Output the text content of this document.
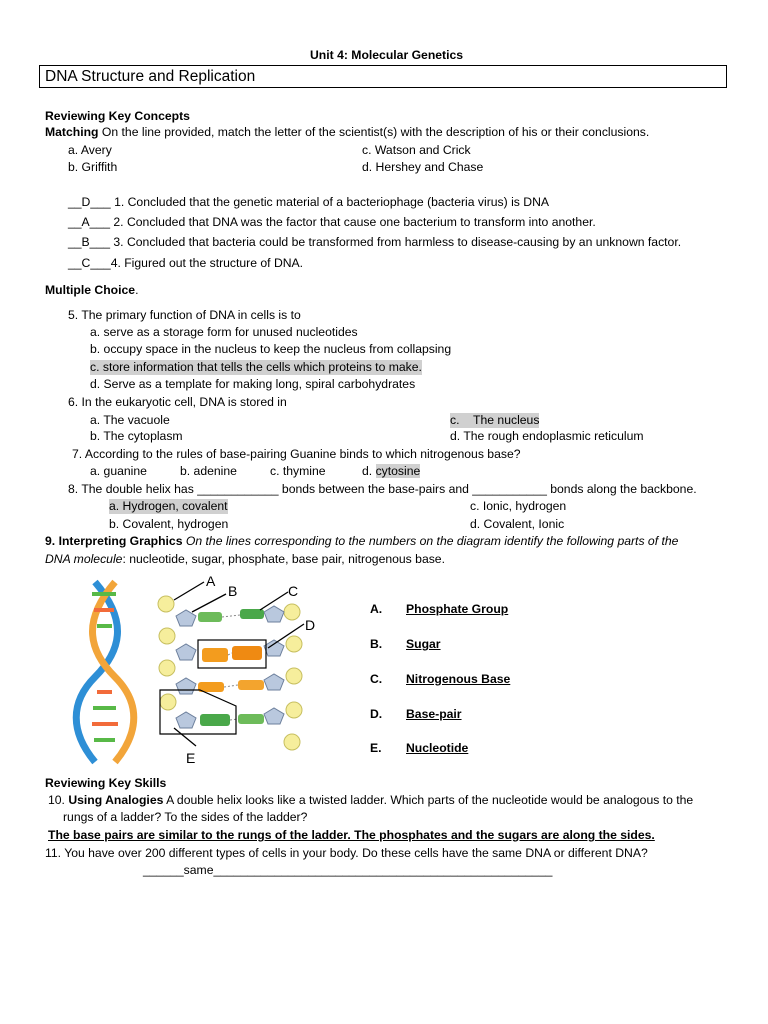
Unit 4: Molecular Genetics
DNA Structure and Replication
Reviewing Key Concepts
Matching On the line provided, match the letter of the scientist(s) with the description of his or their conclusions.
a. Avery
b. Griffith
c. Watson and Crick
d. Hershey and Chase
__D___ 1. Concluded that the genetic material of a bacteriophage (bacteria virus) is DNA
__A___ 2. Concluded that DNA was the factor that cause one bacterium to transform into another.
__B___ 3. Concluded that bacteria could be transformed from harmless to disease-causing by an unknown factor.
__C___4. Figured out the structure of DNA.
Multiple Choice.
5. The primary function of DNA in cells is to
a. serve as a storage form for unused nucleotides
b. occupy space in the nucleus to keep the nucleus from collapsing
c. store information that tells the cells which proteins to make.
d. Serve as a template for making long, spiral carbohydrates
6. In the eukaryotic cell, DNA is stored in
a. The vacuole
b. The cytoplasm
c. The nucleus
d. The rough endoplasmic reticulum
7. According to the rules of base-pairing Guanine binds to which nitrogenous base?
a. guanine	b. adenine	c. thymine	d. cytosine
8. The double helix has ____________ bonds between the base-pairs and ___________ bonds along the backbone.
a. Hydrogen, covalent
b. Covalent, hydrogen
c. Ionic, hydrogen
d. Covalent, Ionic
9. Interpreting Graphics On the lines corresponding to the numbers on the diagram identify the following parts of the
DNA molecule: nucleotide, sugar, phosphate, base pair, nitrogenous base.
A
B	C
D
E
A. Phosphate Group
B. Sugar
C. Nitrogenous Base
D. Base-pair
E. Nucleotide
Reviewing Key Skills
10. Using Analogies A double helix looks like a twisted ladder. Which parts of the nucleotide would be analogous to the
rungs of a ladder? To the sides of the ladder?
The base pairs are similar to the rungs of the ladder. The phosphates and the sugars are along the sides.
11. You have over 200 different types of cells in your body. Do these cells have the same DNA or different DNA?
______same__________________________________________________
